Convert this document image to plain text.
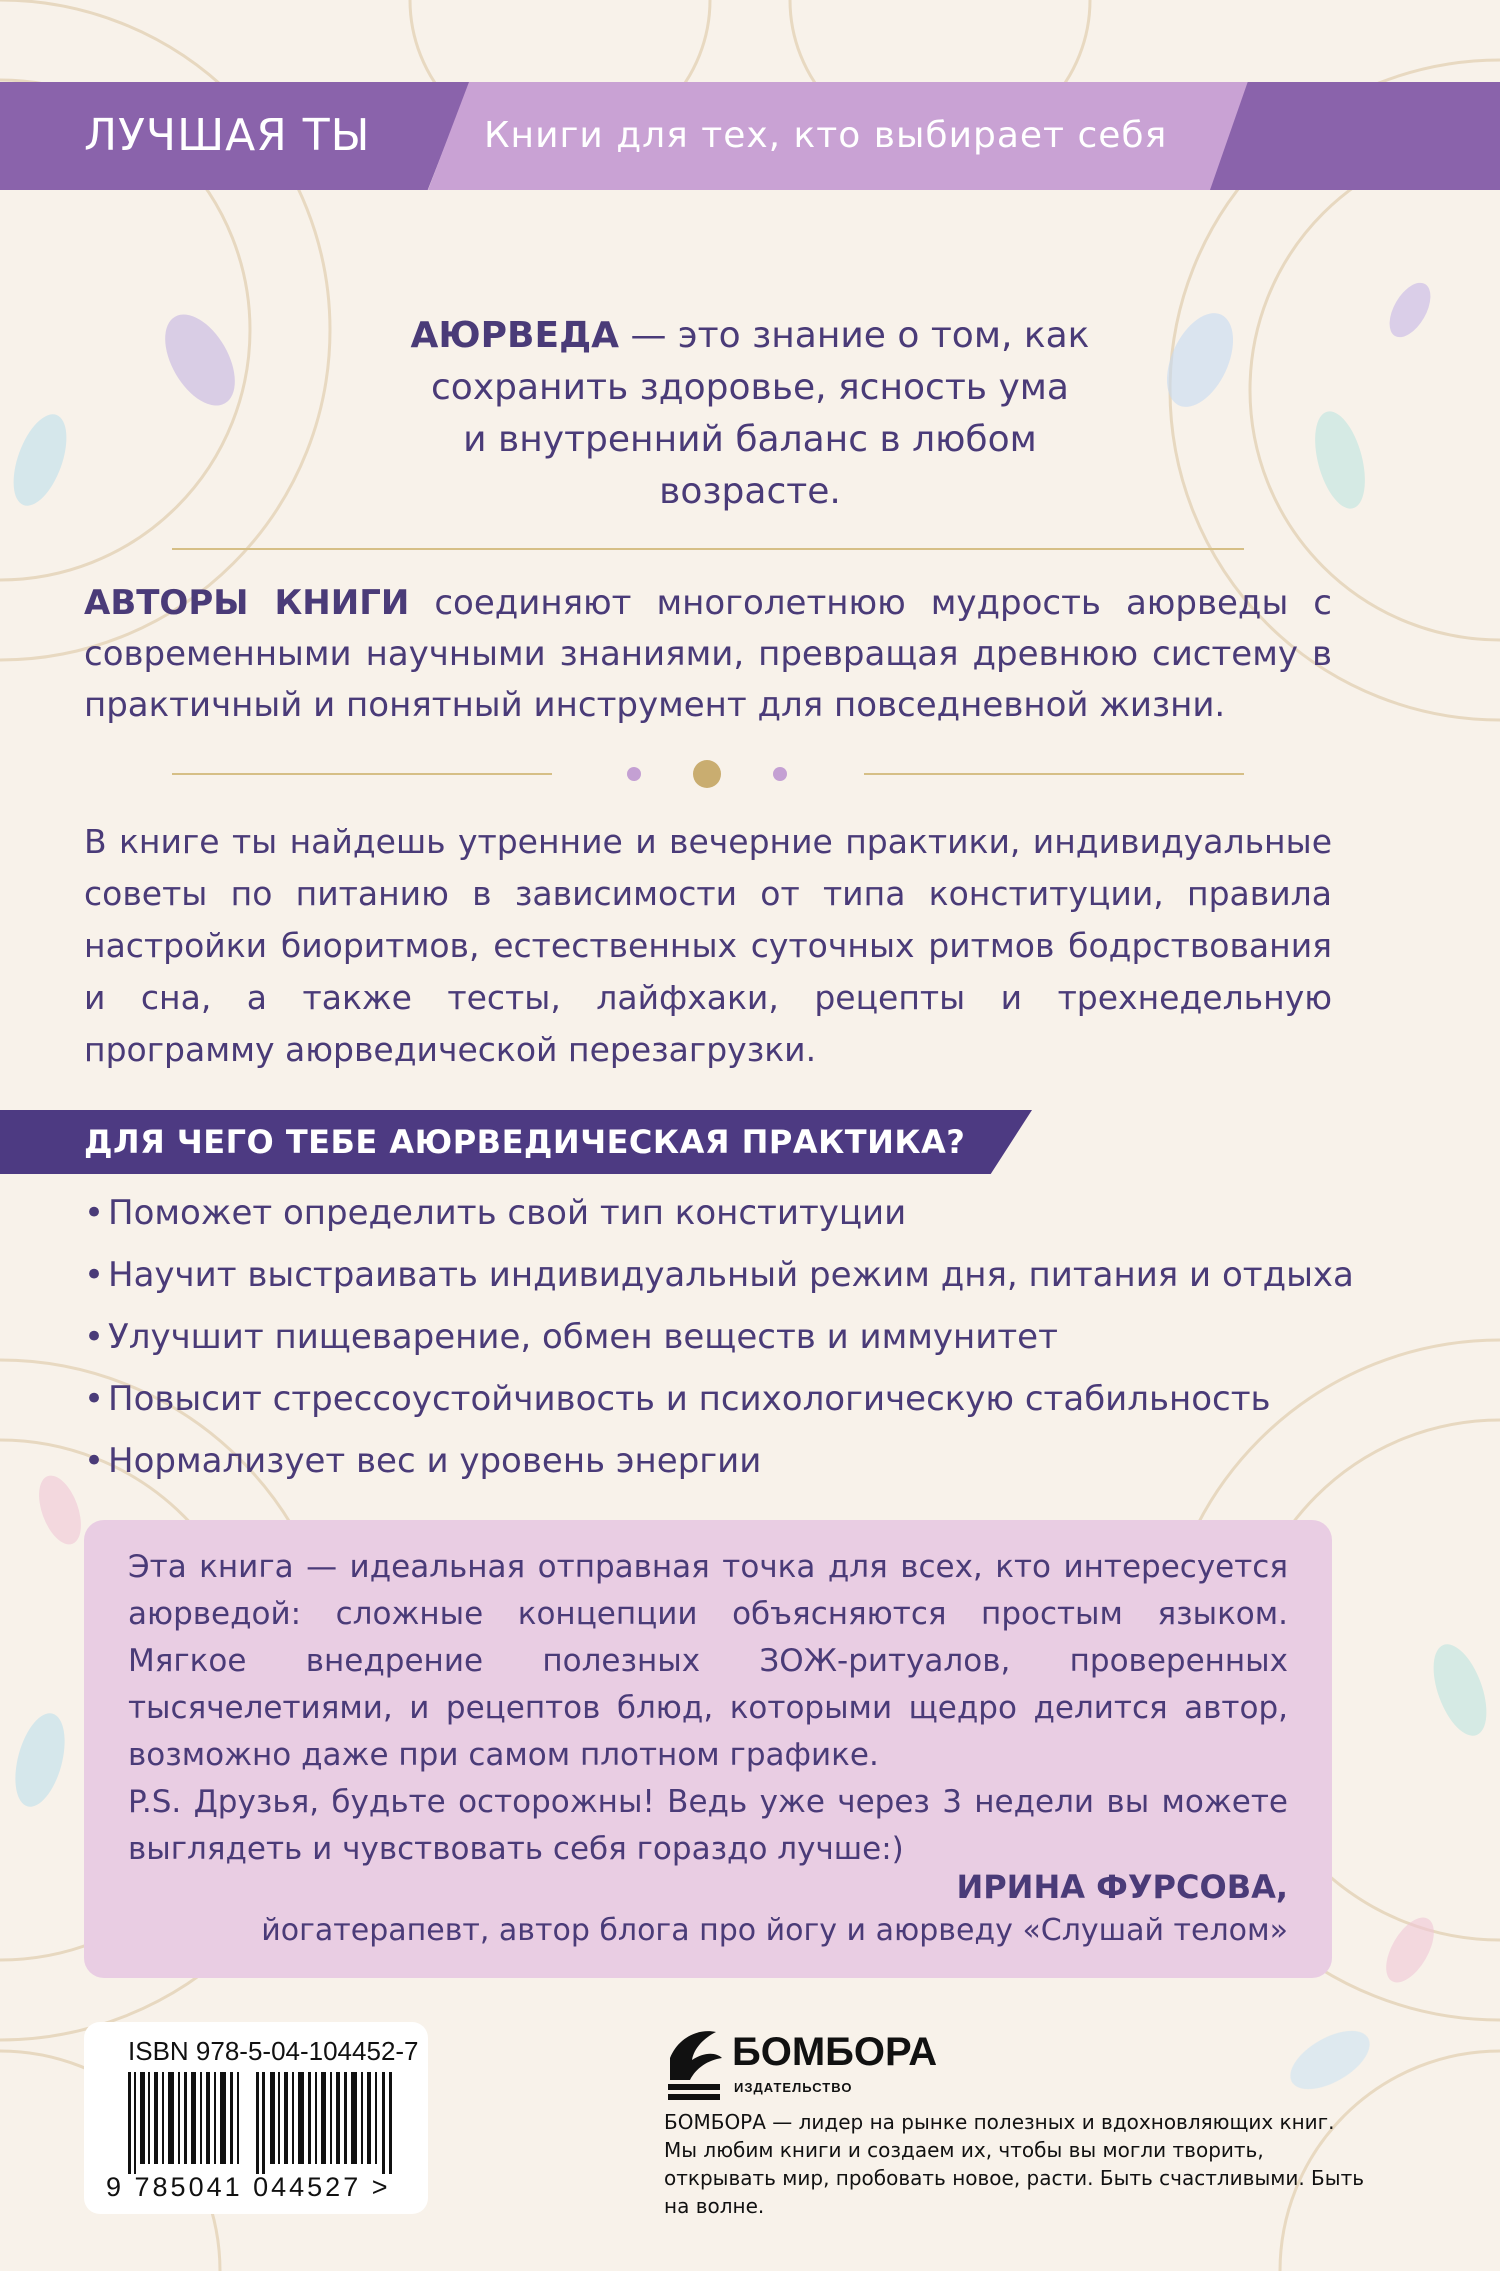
ЛУЧШАЯ ТЫ	Книги для тех, кто выбирает себя
АЮРВЕДА — это знание о том, как
сохранить здоровье, ясность ума
и внутренний баланс в любом
возрасте.
АВТОРЫ КНИГИ соединяют многолетнюю мудрость аюрведы с современными научными знаниями, превращая древнюю систему в практичный и понятный инструмент для повседневной жизни.
В книге ты найдешь утренние и вечерние практики, индивидуальные советы по питанию в зависимости от типа конституции, правила настройки биоритмов, естественных суточных ритмов бодрствования и сна, а также тесты, лайфхаки, рецепты и трехнедельную программу аюрведической перезагрузки.
ДЛЯ ЧЕГО ТЕБЕ АЮРВЕДИЧЕСКАЯ ПРАКТИКА?
• Поможет определить свой тип конституции
• Научит выстраивать индивидуальный режим дня, питания и отдыха
• Улучшит пищеварение, обмен веществ и иммунитет
• Повысит стрессоустойчивость и психологическую стабильность
• Нормализует вес и уровень энергии
Эта книга — идеальная отправная точка для всех, кто интересуется аюрведой: сложные концепции объясняются простым языком. Мягкое внедрение полезных ЗОЖ-ритуалов, проверенных тысячелетиями, и рецептов блюд, которыми щедро делится автор, возможно даже при самом плотном графике.
P.S. Друзья, будьте осторожны! Ведь уже через 3 недели вы можете выглядеть и чувствовать себя гораздо лучше:)
ИРИНА ФУРСОВА,
йогатерапевт, автор блога про йогу и аюрведу «Слушай телом»
ISBN 978-5-04-104452-7
9 785041 044527 >
БОМБОРА
ИЗДАТЕЛЬСТВО
БОМБОРА — лидер на рынке полезных и вдохновляющих книг. Мы любим книги и создаем их, чтобы вы могли творить, открывать мир, пробовать новое, расти. Быть счастливыми. Быть на волне.
